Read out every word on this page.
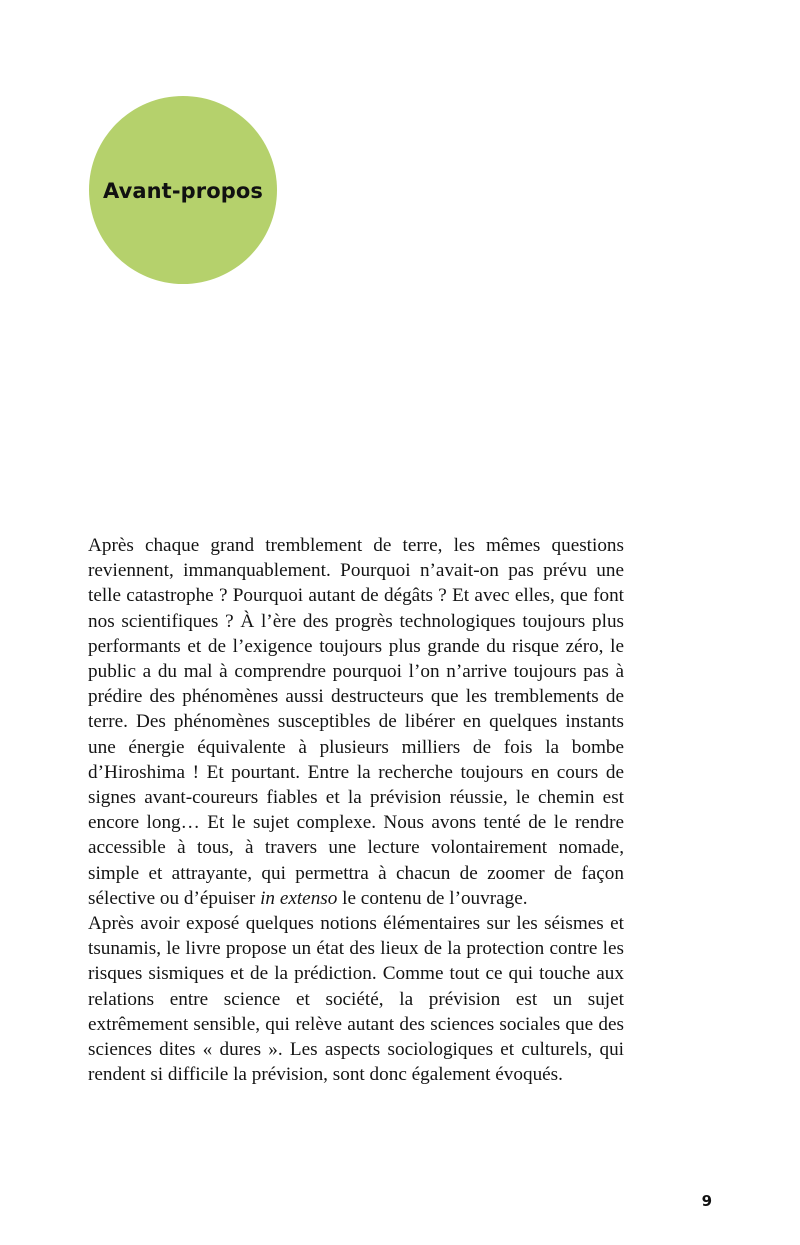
Avant-propos

Après chaque grand tremblement de terre, les mêmes questions reviennent, immanquablement. Pourquoi n’avait-on pas prévu une telle catastrophe ? Pourquoi autant de dégâts ? Et avec elles, que font nos scientifiques ? À l’ère des progrès technologiques toujours plus performants et de l’exigence toujours plus grande du risque zéro, le public a du mal à comprendre pourquoi l’on n’arrive toujours pas à prédire des phénomènes aussi destructeurs que les tremblements de terre. Des phénomènes susceptibles de libérer en quelques instants une énergie équivalente à plusieurs milliers de fois la bombe d’Hiroshima ! Et pourtant. Entre la recherche toujours en cours de signes avant-coureurs fiables et la prévision réussie, le chemin est encore long… Et le sujet complexe. Nous avons tenté de le rendre accessible à tous, à travers une lecture volontairement nomade, simple et attrayante, qui permettra à chacun de zoomer de façon sélective ou d’épuiser in extenso le contenu de l’ouvrage.

Après avoir exposé quelques notions élémentaires sur les séismes et tsunamis, le livre propose un état des lieux de la protection contre les risques sismiques et de la prédiction. Comme tout ce qui touche aux relations entre science et société, la prévision est un sujet extrêmement sensible, qui relève autant des sciences sociales que des sciences dites « dures ». Les aspects sociologiques et culturels, qui rendent si difficile la prévision, sont donc également évoqués.

9
